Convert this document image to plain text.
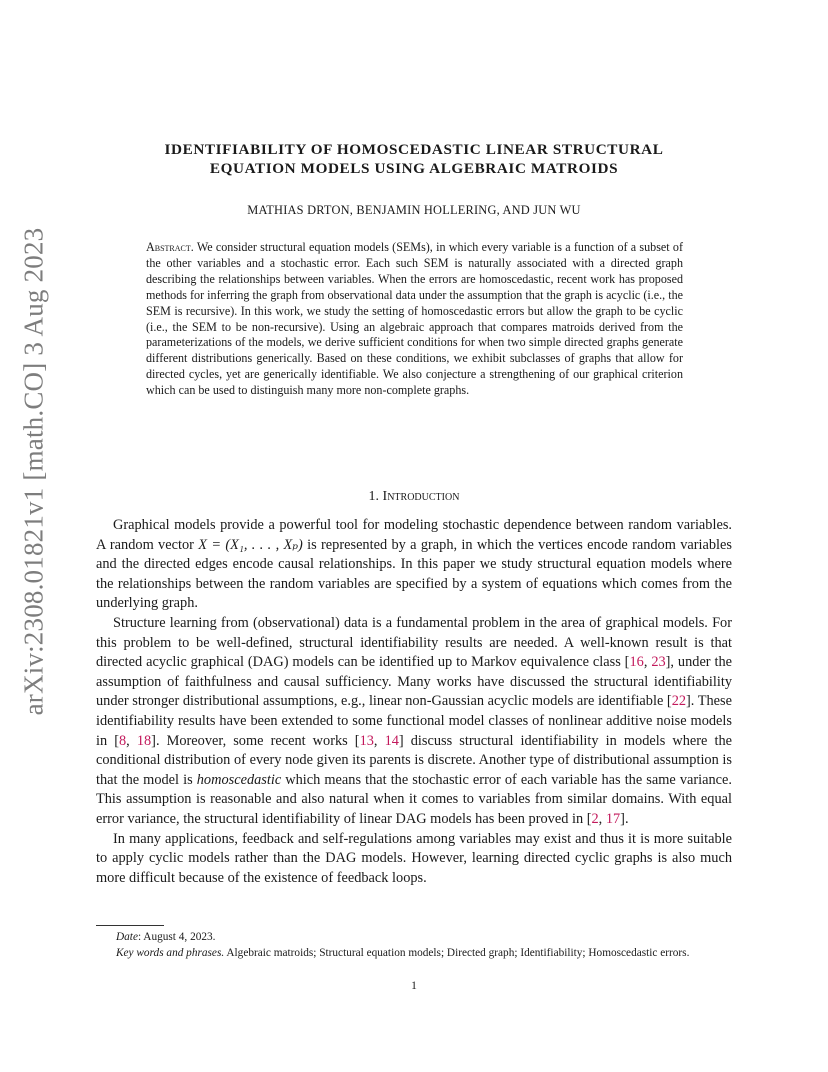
arXiv:2308.01821v1 [math.CO] 3 Aug 2023
IDENTIFIABILITY OF HOMOSCEDASTIC LINEAR STRUCTURAL
EQUATION MODELS USING ALGEBRAIC MATROIDS
MATHIAS DRTON, BENJAMIN HOLLERING, AND JUN WU
Abstract. We consider structural equation models (SEMs), in which every variable is a function of a subset of the other variables and a stochastic error. Each such SEM is naturally associated with a directed graph describing the relationships between variables. When the errors are homoscedastic, recent work has proposed methods for inferring the graph from observational data under the assumption that the graph is acyclic (i.e., the SEM is recursive). In this work, we study the setting of homoscedastic errors but allow the graph to be cyclic (i.e., the SEM to be non-recursive). Using an algebraic approach that compares matroids derived from the parameterizations of the models, we derive sufficient conditions for when two simple directed graphs generate different distributions generically. Based on these conditions, we exhibit subclasses of graphs that allow for directed cycles, yet are generically identifiable. We also conjecture a strengthening of our graphical criterion which can be used to distinguish many more non-complete graphs.
1. Introduction

Graphical models provide a powerful tool for modeling stochastic dependence between random variables. A random vector X = (X₁, . . . , Xₚ) is represented by a graph, in which the vertices encode random variables and the directed edges encode causal relationships. In this paper we study structural equation models where the relationships between the random variables are specified by a system of equations which comes from the underlying graph.

Structure learning from (observational) data is a fundamental problem in the area of graphical models. For this problem to be well-defined, structural identifiability results are needed. A well-known result is that directed acyclic graphical (DAG) models can be identified up to Markov equivalence class [16, 23], under the assumption of faithfulness and causal sufficiency. Many works have discussed the structural identifiability under stronger distributional assumptions, e.g., linear non-Gaussian acyclic models are identifiable [22]. These identifiability results have been extended to some functional model classes of nonlinear additive noise models in [8, 18]. Moreover, some recent works [13, 14] discuss structural identifiability in models where the conditional distribution of every node given its parents is discrete. Another type of distributional assumption is that the model is homoscedastic which means that the stochastic error of each variable has the same variance. This assumption is reasonable and also natural when it comes to variables from similar domains. With equal error variance, the structural identifiability of linear DAG models has been proved in [2, 17].

In many applications, feedback and self-regulations among variables may exist and thus it is more suitable to apply cyclic models rather than the DAG models. However, learning directed cyclic graphs is also much more difficult because of the existence of feedback loops.

Date: August 4, 2023.

Key words and phrases. Algebraic matroids; Structural equation models; Directed graph; Identifiability; Homoscedastic errors.

1
